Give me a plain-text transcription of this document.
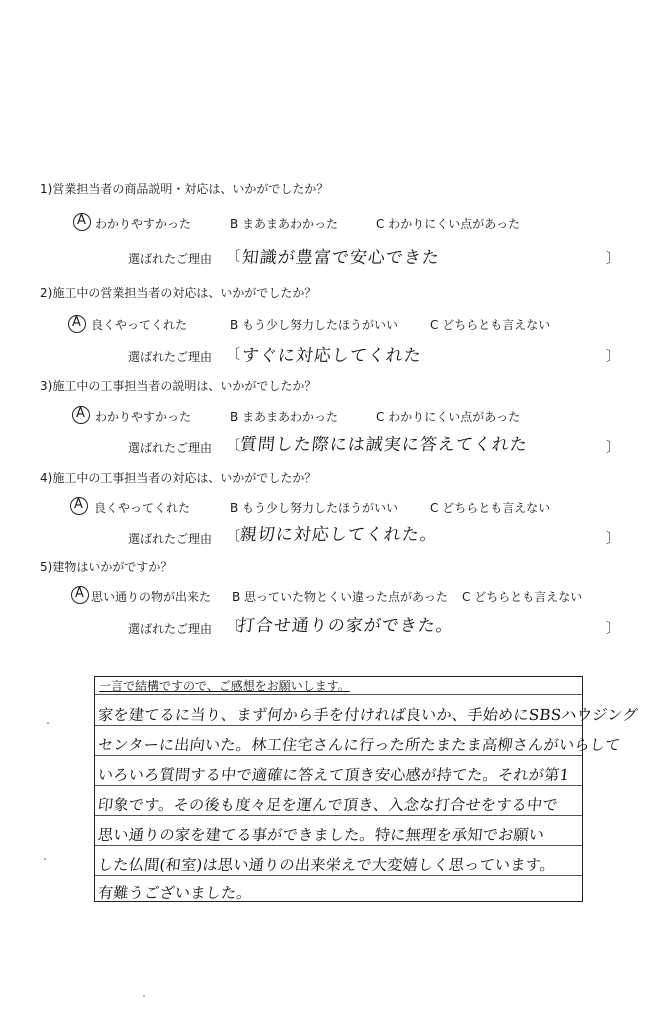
1)営業担当者の商品説明・対応は、いかがでしたか？
A わかりやすかった	B まあまあわかった	C わかりにくい点があった
選ばれたご理由 〔 知識が豊富で安心できた	〕
2)施工中の営業担当者の対応は、いかがでしたか？
A 良くやってくれた	B もう少し努力したほうがいい	C どちらとも言えない
選ばれたご理由 〔 すぐに対応してくれた	〕
3)施工中の工事担当者の説明は、いかがでしたか？
A わかりやすかった	B まあまあわかった	C わかりにくい点があった
選ばれたご理由 〔
質問した際には誠実に答えてくれた	〕
4)施工中の工事担当者の対応は、いかがでしたか？
A 良くやってくれた	B もう少し努力したほうがいい	C どちらとも言えない
選ばれたご理由 〔
親切に対応してくれた。	〕
5)建物はいかがですか？
A 思い通りの物が出来た B 思っていた物とくい違った点があった C どちらとも言えない
選ばれたご理由 〔
打合せ通りの家ができた。	〕
一言で結構ですので、ご感想をお願いします。
家を建てるに当り、まず何から手を付ければ良いか、手始めにSBSハウジング
センターに出向いた。林工住宅さんに行った所たまたま高柳さんがいらして
いろいろ質問する中で適確に答えて頂き安心感が持てた。それが第1
印象です。その後も度々足を運んで頂き、入念な打合せをする中で
思い通りの家を建てる事ができました。特に無理を承知でお願い
した仏間(和室)は思い通りの出来栄えで大変嬉しく思っています。
有難うございました。
